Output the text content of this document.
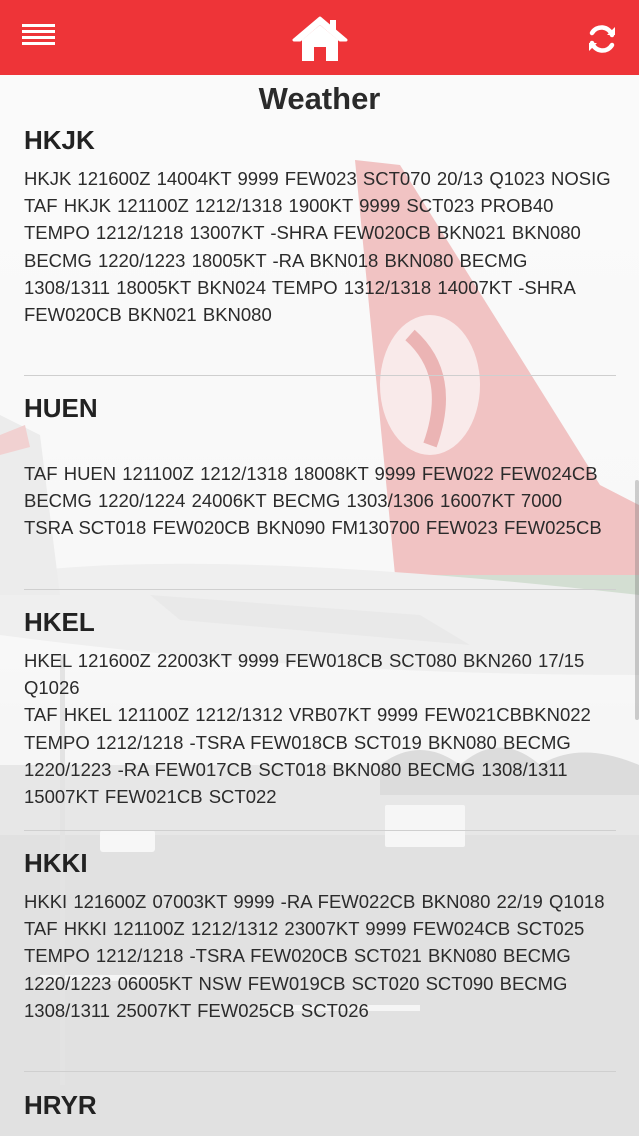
Weather
HKJK
HKJK 121600Z 14004KT 9999 FEW023 SCT070 20/13 Q1023 NOSIG
TAF HKJK 121100Z 1212/1318 1900KT 9999 SCT023 PROB40 TEMPO 1212/1218 13007KT -SHRA FEW020CB BKN021 BKN080 BECMG 1220/1223 18005KT -RA BKN018 BKN080 BECMG 1308/1311 18005KT BKN024 TEMPO 1312/1318 14007KT -SHRA FEW020CB BKN021 BKN080
HUEN
TAF HUEN 121100Z 1212/1318 18008KT 9999 FEW022 FEW024CB BECMG 1220/1224 24006KT BECMG 1303/1306 16007KT 7000 TSRA SCT018 FEW020CB BKN090 FM130700 FEW023 FEW025CB
HKEL
HKEL 121600Z 22003KT 9999 FEW018CB SCT080 BKN260 17/15 Q1026
TAF HKEL 121100Z 1212/1312 VRB07KT 9999 FEW021CBBKN022 TEMPO 1212/1218 -TSRA FEW018CB SCT019 BKN080 BECMG 1220/1223 -RA FEW017CB SCT018 BKN080 BECMG 1308/1311 15007KT FEW021CB SCT022
HKKI
HKKI 121600Z 07003KT 9999 -RA FEW022CB BKN080 22/19 Q1018
TAF HKKI 121100Z 1212/1312 23007KT 9999 FEW024CB SCT025 TEMPO 1212/1218 -TSRA FEW020CB SCT021 BKN080 BECMG 1220/1223 06005KT NSW FEW019CB SCT020 SCT090 BECMG 1308/1311 25007KT FEW025CB SCT026
HRYR
